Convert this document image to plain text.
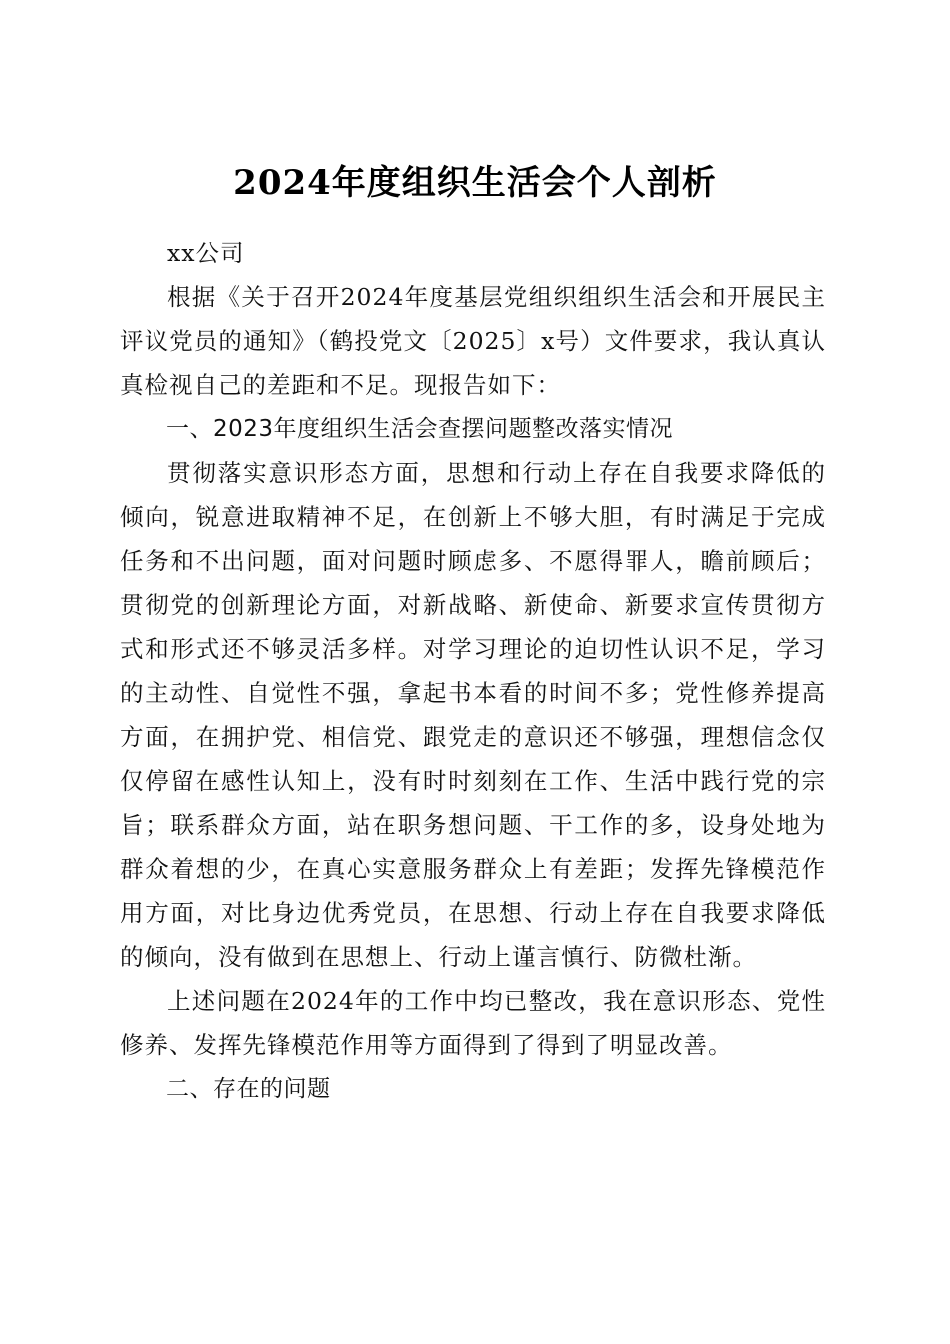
2024年度组织生活会个人剖析

xx公司

根据《关于召开2024年度基层党组织组织生活会和开展民主评议党员的通知》（鹤投党文〔2025〕x号）文件要求，我认真认真检视自己的差距和不足。现报告如下：

一、2023年度组织生活会查摆问题整改落实情况

贯彻落实意识形态方面，思想和行动上存在自我要求降低的倾向，锐意进取精神不足，在创新上不够大胆，有时满足于完成任务和不出问题，面对问题时顾虑多、不愿得罪人，瞻前顾后；贯彻党的创新理论方面，对新战略、新使命、新要求宣传贯彻方式和形式还不够灵活多样。对学习理论的迫切性认识不足，学习的主动性、自觉性不强，拿起书本看的时间不多；党性修养提高方面，在拥护党、相信党、跟党走的意识还不够强，理想信念仅仅停留在感性认知上，没有时时刻刻在工作、生活中践行党的宗旨；联系群众方面，站在职务想问题、干工作的多，设身处地为群众着想的少，在真心实意服务群众上有差距；发挥先锋模范作用方面，对比身边优秀党员，在思想、行动上存在自我要求降低的倾向，没有做到在思想上、行动上谨言慎行、防微杜渐。

上述问题在2024年的工作中均已整改，我在意识形态、党性修养、发挥先锋模范作用等方面得到了得到了明显改善。

二、存在的问题
